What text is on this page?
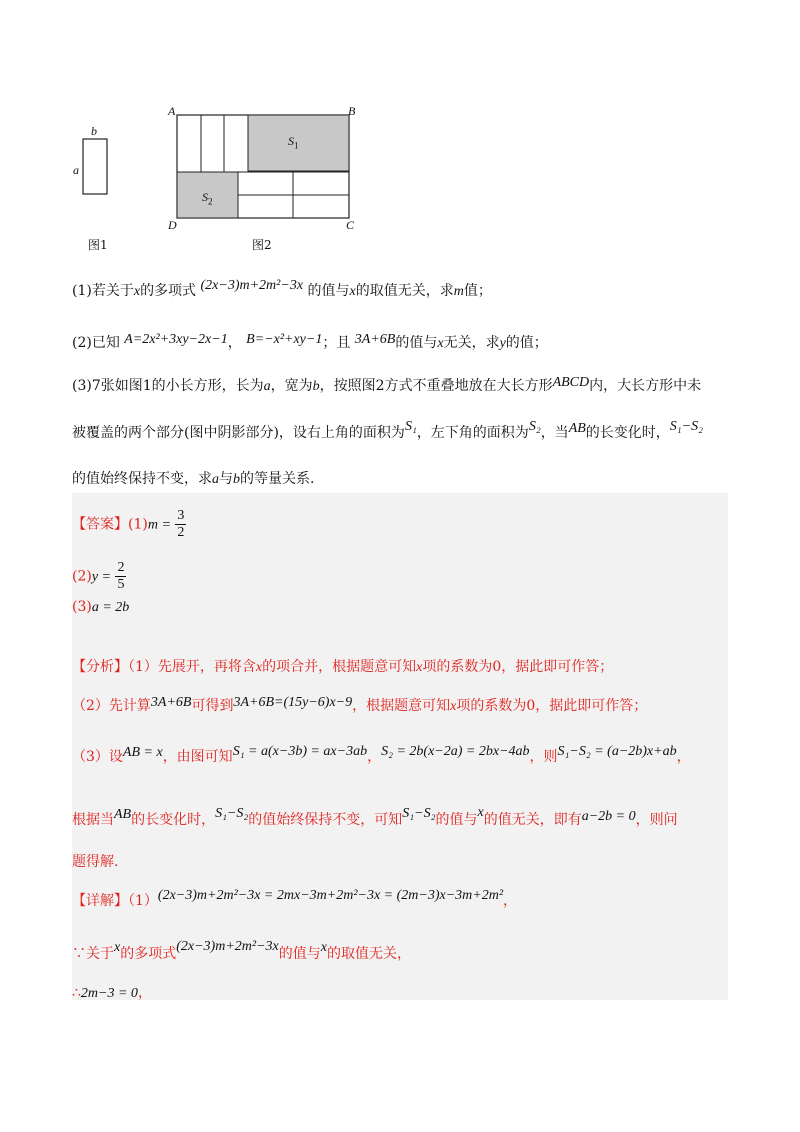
b
a
图1
A	B
C
D
$S_1$
$S_2$
图2
(1)若关于x的多项式 (2x−3)m+2m²−3x 的值与x的取值无关，求m值；
(2)已知 A=2x²+3xy−2x−1， B=−x²+xy−1；且 3A+6B的值与x无关，求y的值；
(3)7张如图1的小长方形，长为a，宽为b，按照图2方式不重叠地放在大长方形ABCD内，大长方形中未
被覆盖的两个部分(图中阴影部分)，设右上角的面积为S₁，左下角的面积为S₂，当AB的长变化时，S₁−S₂
的值始终保持不变，求a与b的等量关系.
【答案】$(1)m = \frac{3}{2}$
$(2)y = \frac{2}{5}$
(3)a = 2b
【分析】（1）先展开，再将含x的项合并，根据题意可知x项的系数为0，据此即可作答；
（2）先计算3A+6B可得到3A+6B=(15y−6)x−9，根据题意可知x项的系数为0，据此即可作答；
（3）设AB = x，由图可知S₁ = a(x−3b) = ax−3ab，S₂ = 2b(x−2a) = 2bx−4ab，则S₁−S₂ = (a−2b)x+ab，
根据当AB的长变化时，S₁−S₂的值始终保持不变，可知S₁−S₂的值与x的值无关，即有a−2b = 0，则问
题得解.
【详解】（1）(2x−3)m+2m²−3x = 2mx−3m+2m²−3x = (2m−3)x−3m+2m²，
∵关于x的多项式(2x−3)m+2m²−3x的值与x的取值无关，
∴2m−3 = 0，
